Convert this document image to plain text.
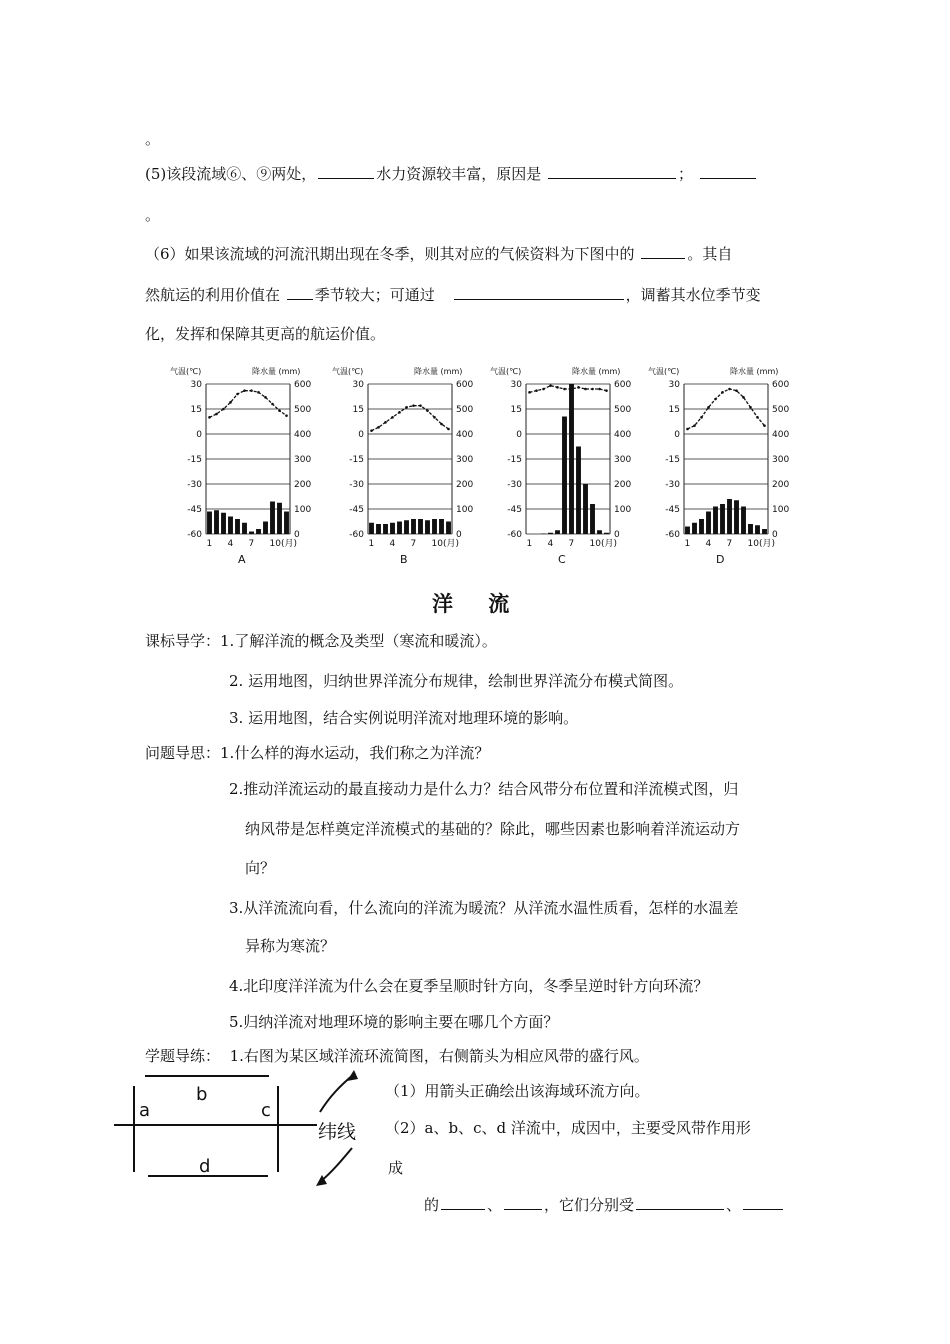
。
(5)该段流域⑥、⑨两处，	水力资源较丰富，原因是	；
。
（6）如果该流域的河流汛期出现在冬季，则其对应的气候资料为下图中的	。其自
然航运的利用价值在 季节较大；可通过	，调蓄其水位季节变
化，发挥和保障其更高的航运价值。
气温(℃)	降水量 (mm)
30	600
15	500
0	400
-15	300
-30	200
-45	100
-60	0
1 4 7 10(月)
A
气温(℃)	降水量 (mm)
30	600
15	500
0	400
-15	300
-30	200
-45	100
-60	0
1 4 7 10(月)
B
气温(℃)	降水量 (mm)
30	600
15	500
0	400
-15	300
-30	200
-45	100
-60	0
1 4 7 10(月)
C
气温(℃)	降水量 (mm)
30	600
15	500
0	400
-15	300
-30	200
-45	100
-60	0
1 4 7 10(月)
D
洋 流
课标导学：1.了解洋流的概念及类型（寒流和暖流）。
2. 运用地图，归纳世界洋流分布规律，绘制世界洋流分布模式简图。
3. 运用地图，结合实例说明洋流对地理环境的影响。
问题导思：1.什么样的海水运动，我们称之为洋流？
2.推动洋流运动的最直接动力是什么力？结合风带分布位置和洋流模式图，归
纳风带是怎样奠定洋流模式的基础的？除此，哪些因素也影响着洋流运动方
向？
3.从洋流流向看，什么流向的洋流为暖流？从洋流水温性质看，怎样的水温差
异称为寒流？
4.北印度洋洋流为什么会在夏季呈顺时针方向，冬季呈逆时针方向环流？
5.归纳洋流对地理环境的影响主要在哪几个方面？
学题导练： 1.右图为某区域洋流环流简图，右侧箭头为相应风带的盛行风。
b
a	c
d
纬线
（1）用箭头正确绘出该海域环流方向。
（2）a、b、c、d 洋流中，成因中，主要受风带作用形
成
的	、	，它们分别受	、
